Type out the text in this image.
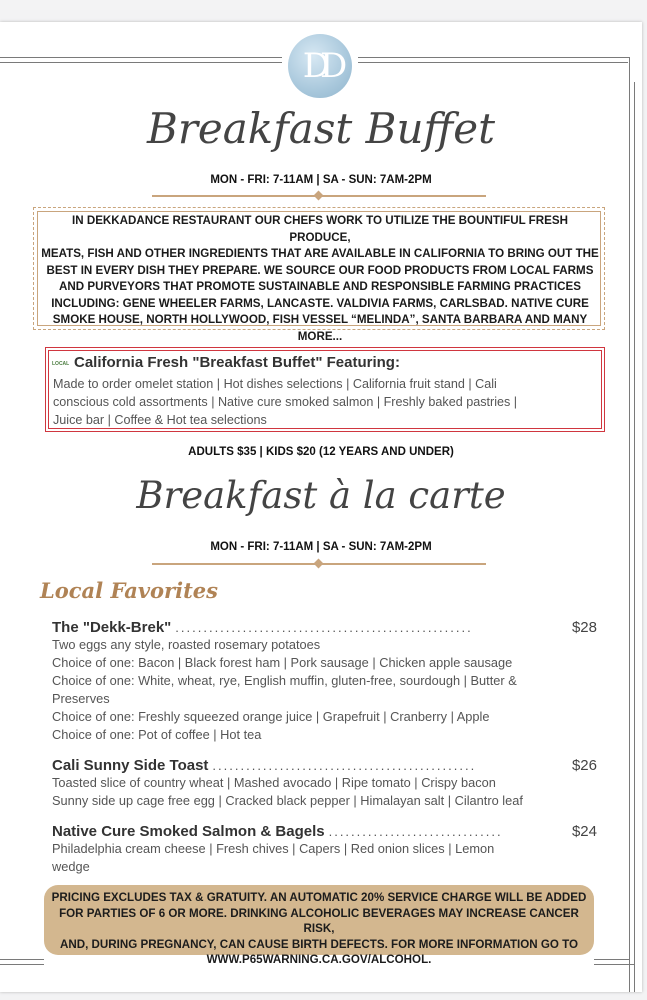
DD
Breakfast Buffet
MON - FRI: 7-11AM | SA - SUN: 7AM-2PM
IN DEKKADANCE RESTAURANT OUR CHEFS WORK TO UTILIZE THE BOUNTIFUL FRESH PRODUCE,
MEATS, FISH AND OTHER INGREDIENTS THAT ARE AVAILABLE IN CALIFORNIA TO BRING OUT THE
BEST IN EVERY DISH THEY PREPARE. WE SOURCE OUR FOOD PRODUCTS FROM LOCAL FARMS
AND PURVEYORS THAT PROMOTE SUSTAINABLE AND RESPONSIBLE FARMING PRACTICES
INCLUDING: GENE WHEELER FARMS, LANCASTE. VALDIVIA FARMS, CARLSBAD. NATIVE CURE
SMOKE HOUSE, NORTH HOLLYWOOD, FISH VESSEL “MELINDA”, SANTA BARBARA AND MANY
MORE...
LOCAL California Fresh "Breakfast Buffet" Featuring:
Made to order omelet station | Hot dishes selections | California fruit stand | Cali
conscious cold assortments | Native cure smoked salmon | Freshly baked pastries |
Juice bar | Coffee & Hot tea selections
ADULTS $35 | KIDS $20 (12 YEARS AND UNDER)
Breakfast à la carte
MON - FRI: 7-11AM | SA - SUN: 7AM-2PM
Local Favorites
The "Dekk-Brek" .....................................................	$28
Two eggs any style, roasted rosemary potatoes
Choice of one: Bacon | Black forest ham | Pork sausage | Chicken apple sausage
Choice of one: White, wheat, rye, English muffin, gluten-free, sourdough | Butter &
Preserves
Choice of one: Freshly squeezed orange juice | Grapefruit | Cranberry | Apple
Choice of one: Pot of coffee | Hot tea
Cali Sunny Side Toast ...............................................	$26
Toasted slice of country wheat | Mashed avocado | Ripe tomato | Crispy bacon
Sunny side up cage free egg | Cracked black pepper | Himalayan salt | Cilantro leaf
Native Cure Smoked Salmon & Bagels ...............................	$24
Philadelphia cream cheese | Fresh chives | Capers | Red onion slices | Lemon
wedge
PRICING EXCLUDES TAX & GRATUITY. AN AUTOMATIC 20% SERVICE CHARGE WILL BE ADDED
FOR PARTIES OF 6 OR MORE. DRINKING ALCOHOLIC BEVERAGES MAY INCREASE CANCER RISK,
AND, DURING PREGNANCY, CAN CAUSE BIRTH DEFECTS. FOR MORE INFORMATION GO TO
WWW.P65WARNING.CA.GOV/ALCOHOL.
